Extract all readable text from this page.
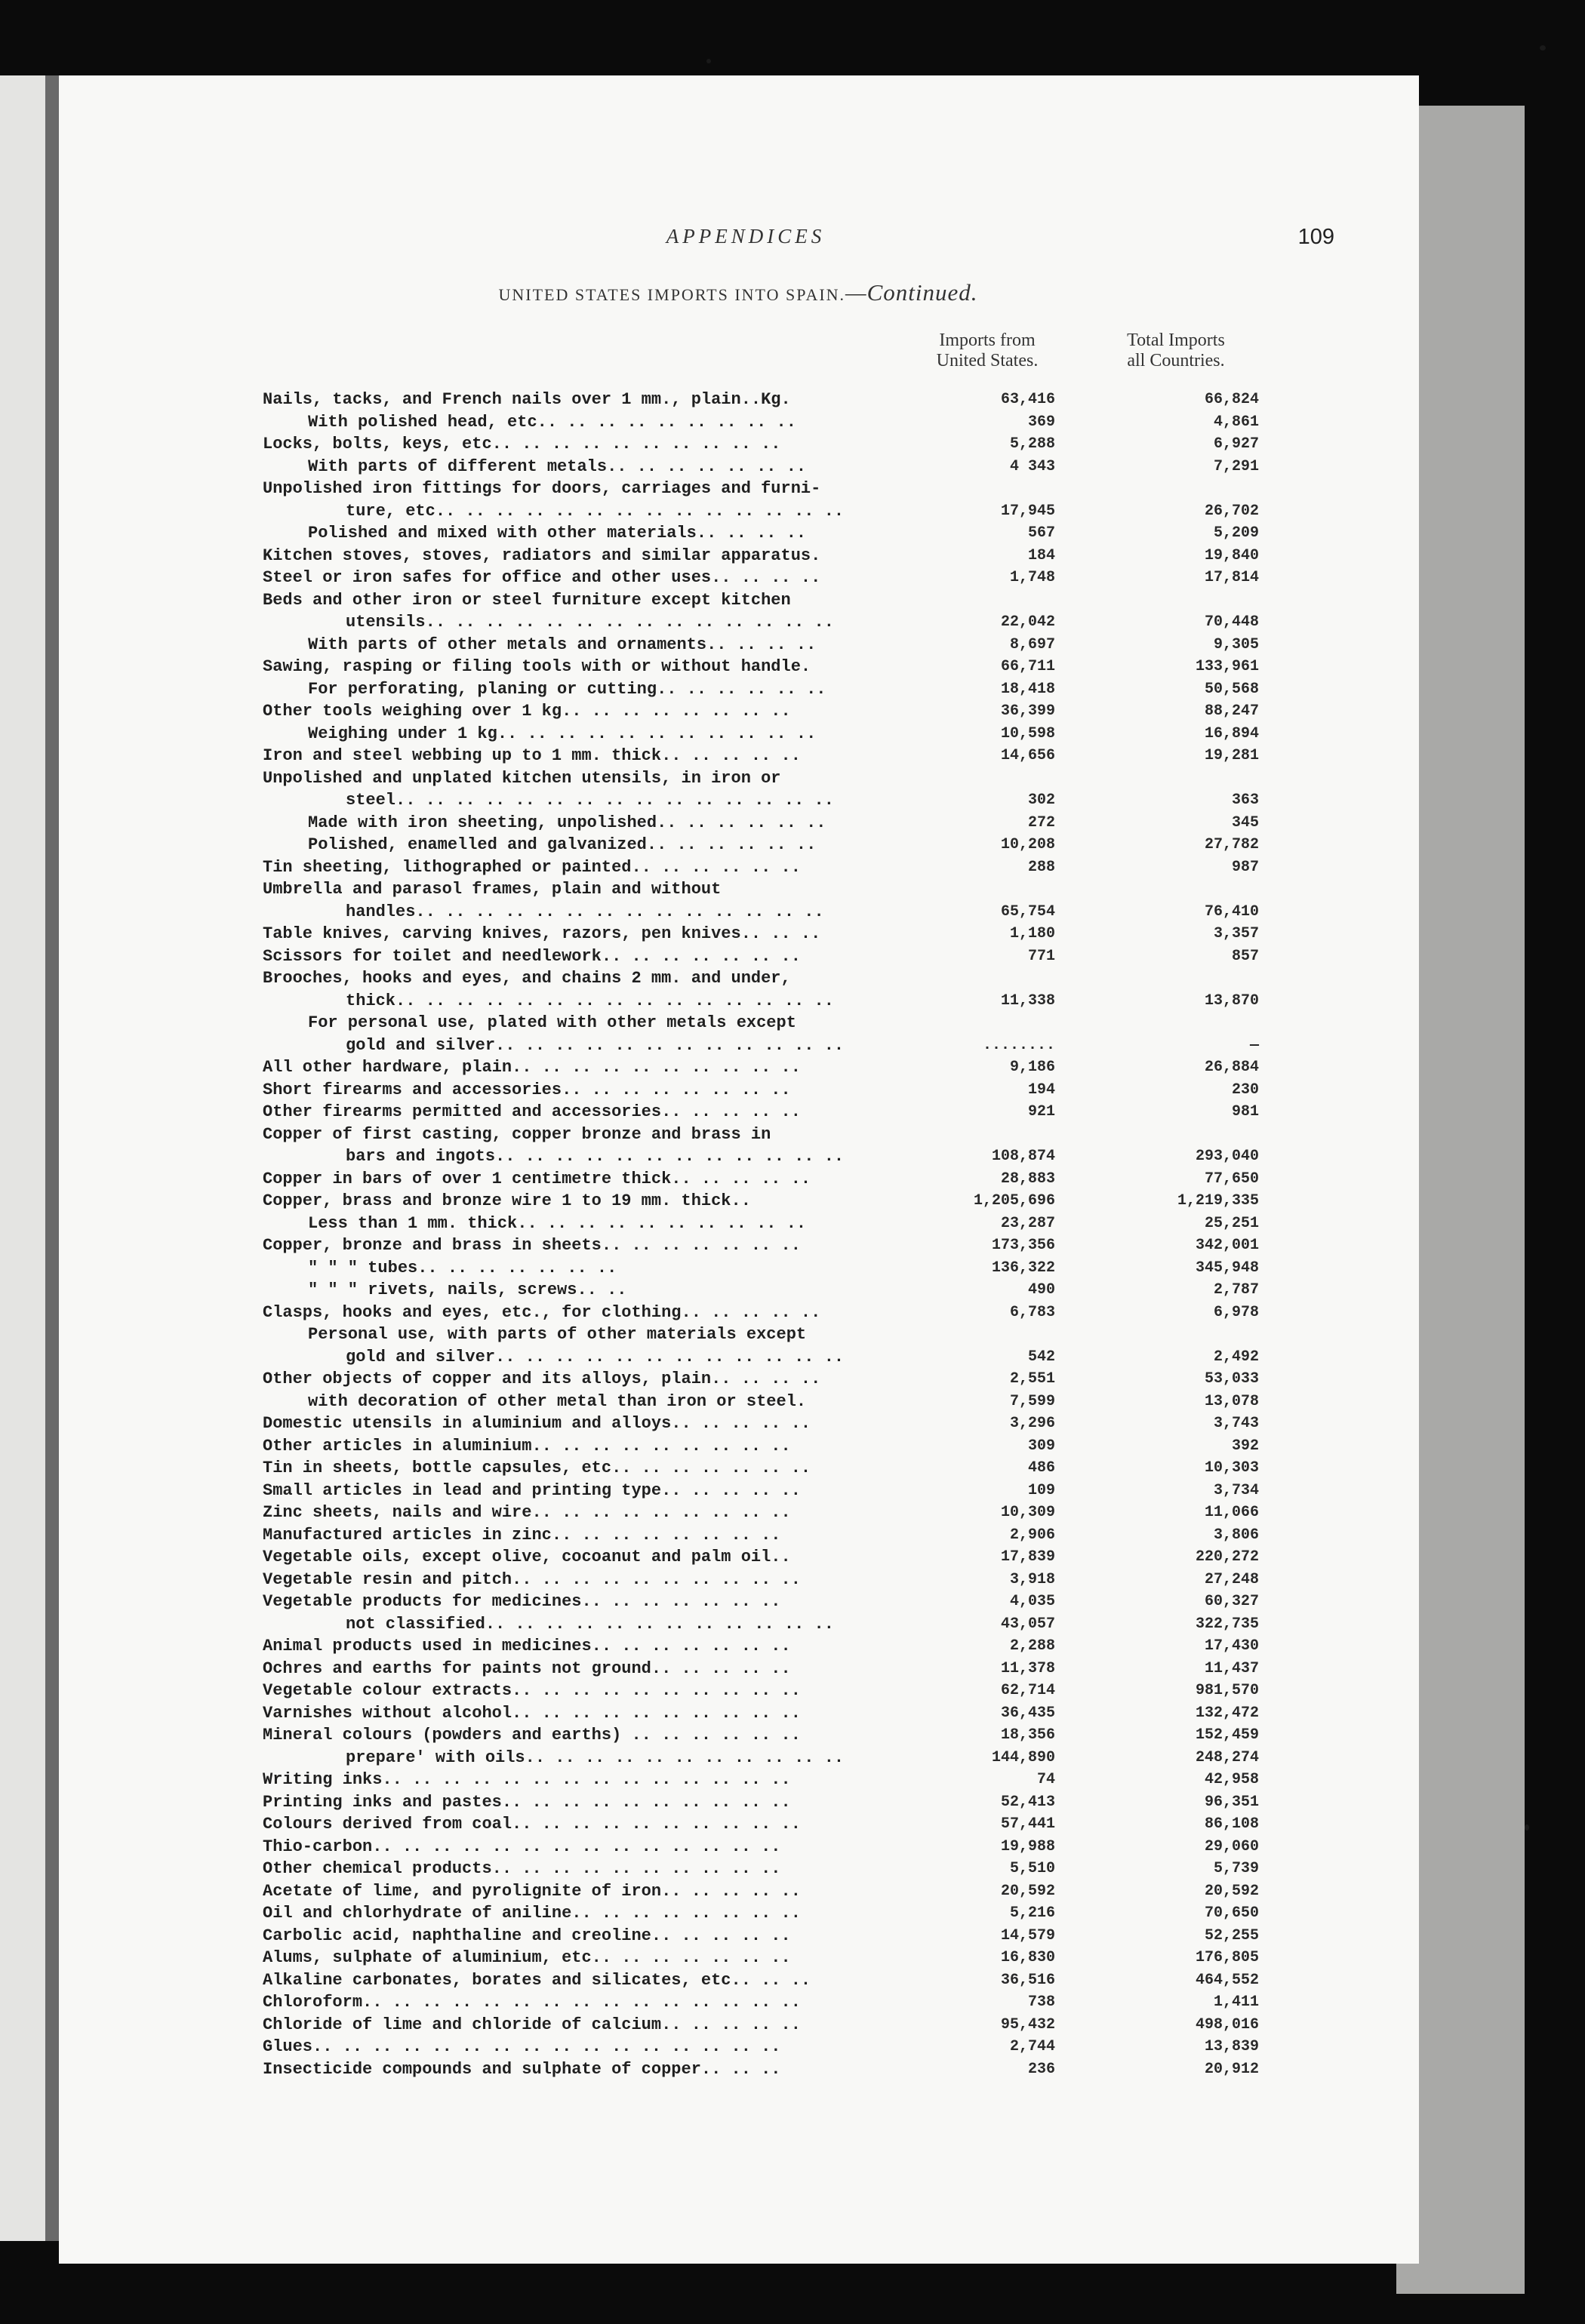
APPENDICES	109
UNITED STATES IMPORTS INTO SPAIN.—Continued.
Imports from
United States.
Total Imports
all Countries.
Nails, tacks, and French nails over 1 mm., plain..Kg.	63,416	66,824
With polished head, etc.. .. .. .. .. .. .. .. ..	369	4,861
Locks, bolts, keys, etc.. .. .. .. .. .. .. .. .. ..	5,288	6,927
With parts of different metals.. .. .. .. .. .. ..	4 343	7,291
Unpolished iron fittings for doors, carriages and furni-
ture, etc.. .. .. .. .. .. .. .. .. .. .. .. .. ..	17,945	26,702
Polished and mixed with other materials.. .. .. ..	567	5,209
Kitchen stoves, stoves, radiators and similar apparatus.	184	19,840
Steel or iron safes for office and other uses.. .. .. ..	1,748	17,814
Beds and other iron or steel furniture except kitchen
utensils.. .. .. .. .. .. .. .. .. .. .. .. .. ..	22,042	70,448
With parts of other metals and ornaments.. .. .. ..	8,697	9,305
Sawing, rasping or filing tools with or without handle.	66,711	133,961
For perforating, planing or cutting.. .. .. .. .. ..	18,418	50,568
Other tools weighing over 1 kg.. .. .. .. .. .. .. ..	36,399	88,247
Weighing under 1 kg.. .. .. .. .. .. .. .. .. .. ..	10,598	16,894
Iron and steel webbing up to 1 mm. thick.. .. .. .. ..	14,656	19,281
Unpolished and unplated kitchen utensils, in iron or
steel.. .. .. .. .. .. .. .. .. .. .. .. .. .. ..	302	363
Made with iron sheeting, unpolished.. .. .. .. .. ..	272	345
Polished, enamelled and galvanized.. .. .. .. .. ..	10,208	27,782
Tin sheeting, lithographed or painted.. .. .. .. .. ..	288	987
Umbrella and parasol frames, plain and without
handles.. .. .. .. .. .. .. .. .. .. .. .. .. ..	65,754	76,410
Table knives, carving knives, razors, pen knives.. .. ..	1,180	3,357
Scissors for toilet and needlework.. .. .. .. .. .. ..	771	857
Brooches, hooks and eyes, and chains 2 mm. and under,
thick.. .. .. .. .. .. .. .. .. .. .. .. .. .. ..	11,338	13,870
For personal use, plated with other metals except
gold and silver.. .. .. .. .. .. .. .. .. .. .. ..	........	—
All other hardware, plain.. .. .. .. .. .. .. .. .. ..	9,186	26,884
Short firearms and accessories.. .. .. .. .. .. .. ..	194	230
Other firearms permitted and accessories.. .. .. .. ..	921	981
Copper of first casting, copper bronze and brass in
bars and ingots.. .. .. .. .. .. .. .. .. .. .. ..	108,874	293,040
Copper in bars of over 1 centimetre thick.. .. .. .. ..	28,883	77,650
Copper, brass and bronze wire 1 to 19 mm. thick..	1,205,696	1,219,335
Less than 1 mm. thick.. .. .. .. .. .. .. .. .. ..	23,287	25,251
Copper, bronze and brass in sheets.. .. .. .. .. .. ..	173,356	342,001
" " " tubes.. .. .. .. .. .. ..	136,322	345,948
" " " rivets, nails, screws.. ..	490	2,787
Clasps, hooks and eyes, etc., for clothing.. .. .. .. ..	6,783	6,978
Personal use, with parts of other materials except
gold and silver.. .. .. .. .. .. .. .. .. .. .. ..	542	2,492
Other objects of copper and its alloys, plain.. .. .. ..	2,551	53,033
with decoration of other metal than iron or steel.	7,599	13,078
Domestic utensils in aluminium and alloys.. .. .. .. ..	3,296	3,743
Other articles in aluminium.. .. .. .. .. .. .. .. ..	309	392
Tin in sheets, bottle capsules, etc.. .. .. .. .. .. ..	486	10,303
Small articles in lead and printing type.. .. .. .. ..	109	3,734
Zinc sheets, nails and wire.. .. .. .. .. .. .. .. ..	10,309	11,066
Manufactured articles in zinc.. .. .. .. .. .. .. ..	2,906	3,806
Vegetable oils, except olive, cocoanut and palm oil..	17,839	220,272
Vegetable resin and pitch.. .. .. .. .. .. .. .. .. ..	3,918	27,248
Vegetable products for medicines.. .. .. .. .. .. ..	4,035	60,327
not classified.. .. .. .. .. .. .. .. .. .. .. ..	43,057	322,735
Animal products used in medicines.. .. .. .. .. .. ..	2,288	17,430
Ochres and earths for paints not ground.. .. .. .. ..	11,378	11,437
Vegetable colour extracts.. .. .. .. .. .. .. .. .. ..	62,714	981,570
Varnishes without alcohol.. .. .. .. .. .. .. .. .. ..	36,435	132,472
Mineral colours (powders and earths) .. .. .. .. .. ..	18,356	152,459
prepare' with oils.. .. .. .. .. .. .. .. .. .. ..	144,890	248,274
Writing inks.. .. .. .. .. .. .. .. .. .. .. .. .. ..	74	42,958
Printing inks and pastes.. .. .. .. .. .. .. .. .. ..	52,413	96,351
Colours derived from coal.. .. .. .. .. .. .. .. .. ..	57,441	86,108
Thio-carbon.. .. .. .. .. .. .. .. .. .. .. .. .. ..	19,988	29,060
Other chemical products.. .. .. .. .. .. .. .. .. ..	5,510	5,739
Acetate of lime, and pyrolignite of iron.. .. .. .. ..	20,592	20,592
Oil and chlorhydrate of aniline.. .. .. .. .. .. .. ..	5,216	70,650
Carbolic acid, naphthaline and creoline.. .. .. .. ..	14,579	52,255
Alums, sulphate of aluminium, etc.. .. .. .. .. .. ..	16,830	176,805
Alkaline carbonates, borates and silicates, etc.. .. ..	36,516	464,552
Chloroform.. .. .. .. .. .. .. .. .. .. .. .. .. .. ..	738	1,411
Chloride of lime and chloride of calcium.. .. .. .. ..	95,432	498,016
Glues.. .. .. .. .. .. .. .. .. .. .. .. .. .. .. ..	2,744	13,839
Insecticide compounds and sulphate of copper.. .. ..	236	20,912
